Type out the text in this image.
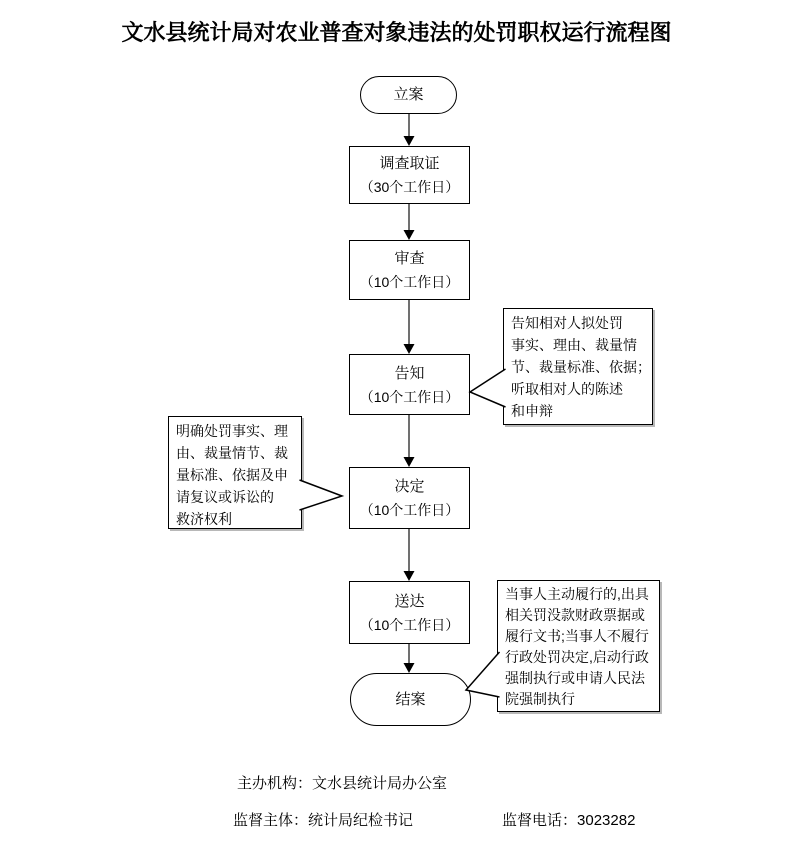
文水县统计局对农业普查对象违法的处罚职权运行流程图
立案
调查取证
（30个工作日）
审查
（10个工作日）
告知
（10个工作日）
决定
（10个工作日）
送达
（10个工作日）
结案
告知相对人拟处罚
事实、理由、裁量情
节、裁量标准、依据；
听取相对人的陈述
和申辩
明确处罚事实、理
由、裁量情节、裁
量标准、依据及申
请复议或诉讼的
救济权利
当事人主动履行的,出具
相关罚没款财政票据或
履行文书;当事人不履行
行政处罚决定,启动行政
强制执行或申请人民法
院强制执行
主办机构：文水县统计局办公室
监督主体：统计局纪检书记	监督电话：3023282
